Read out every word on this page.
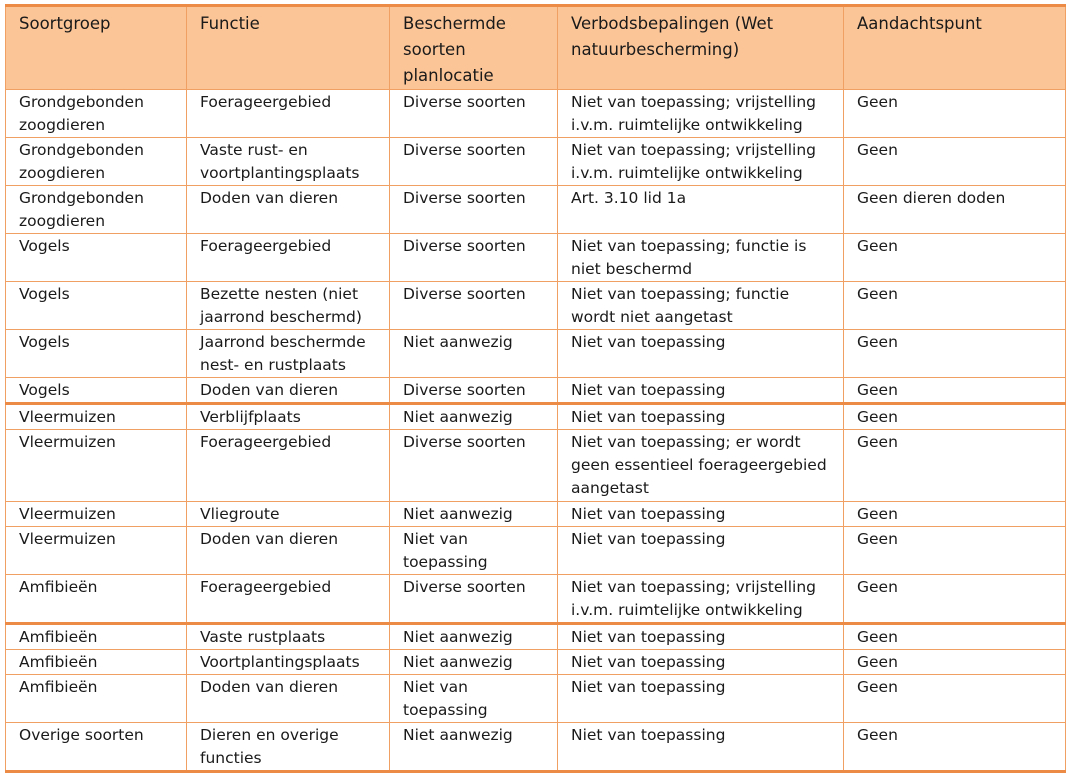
Soortgroep	Functie	Beschermde soorten planlocatie	Verbodsbepalingen (Wet natuurbescherming)	Aandachtspunt
Grondgebonden zoogdieren	Foerageergebied	Diverse soorten	Niet van toepassing; vrijstelling i.v.m. ruimtelijke ontwikkeling	Geen
Grondgebonden zoogdieren	Vaste rust- en voortplantingsplaats	Diverse soorten	Niet van toepassing; vrijstelling i.v.m. ruimtelijke ontwikkeling	Geen
Grondgebonden zoogdieren	Doden van dieren	Diverse soorten	Art. 3.10 lid 1a	Geen dieren doden
Vogels	Foerageergebied	Diverse soorten	Niet van toepassing; functie is niet beschermd	Geen
Vogels	Bezette nesten (niet jaarrond beschermd)	Diverse soorten	Niet van toepassing; functie wordt niet aangetast	Geen
Vogels	Jaarrond beschermde nest- en rustplaats	Niet aanwezig	Niet van toepassing	Geen
Vogels	Doden van dieren	Diverse soorten	Niet van toepassing	Geen
Vleermuizen	Verblijfplaats	Niet aanwezig	Niet van toepassing	Geen
Vleermuizen	Foerageergebied	Diverse soorten	Niet van toepassing; er wordt geen essentieel foerageergebied aangetast	Geen
Vleermuizen	Vliegroute	Niet aanwezig	Niet van toepassing	Geen
Vleermuizen	Doden van dieren	Niet van toepassing	Niet van toepassing	Geen
Amfibieën	Foerageergebied	Diverse soorten	Niet van toepassing; vrijstelling i.v.m. ruimtelijke ontwikkeling	Geen
Amfibieën	Vaste rustplaats	Niet aanwezig	Niet van toepassing	Geen
Amfibieën	Voortplantingsplaats	Niet aanwezig	Niet van toepassing	Geen
Amfibieën	Doden van dieren	Niet van toepassing	Niet van toepassing	Geen
Overige soorten	Dieren en overige functies	Niet aanwezig	Niet van toepassing	Geen
